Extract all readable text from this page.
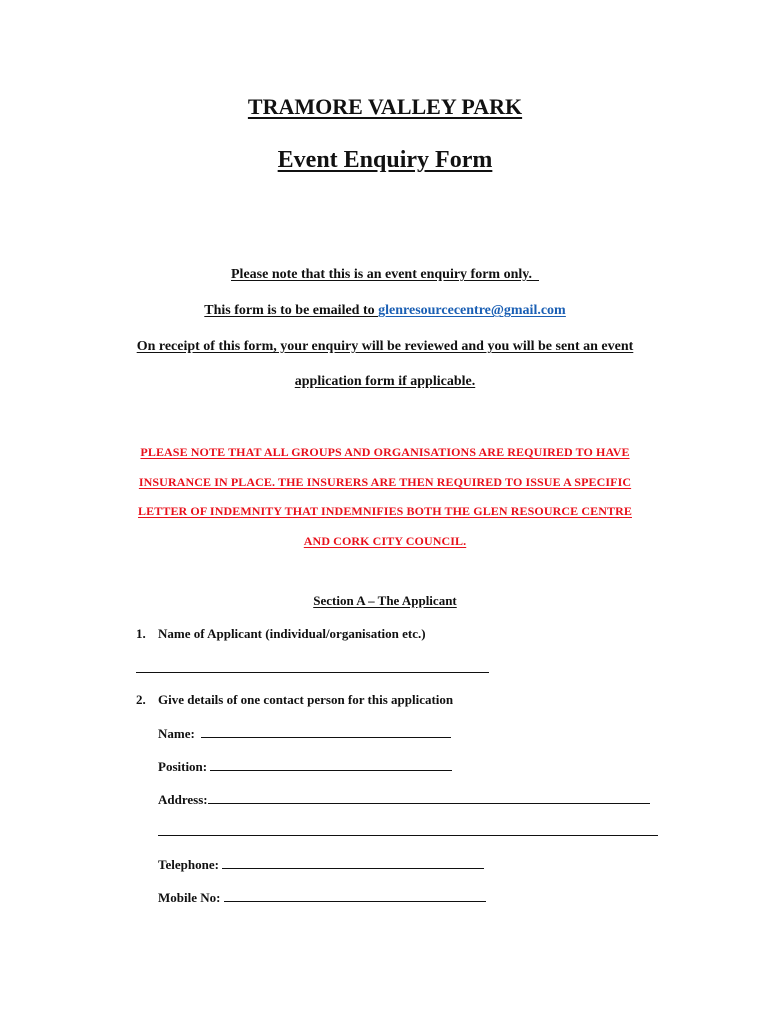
TRAMORE VALLEY PARK
Event Enquiry Form
Please note that this is an event enquiry form only.
This form is to be emailed to glenresourcecentre@gmail.com
On receipt of this form, your enquiry will be reviewed and you will be sent an event
application form if applicable.
PLEASE NOTE THAT ALL GROUPS AND ORGANISATIONS ARE REQUIRED TO HAVE
INSURANCE IN PLACE. THE INSURERS ARE THEN REQUIRED TO ISSUE A SPECIFIC
LETTER OF INDEMNITY THAT INDEMNIFIES BOTH THE GLEN RESOURCE CENTRE
AND CORK CITY COUNCIL.
Section A – The Applicant
1. Name of Applicant (individual/organisation etc.)
2. Give details of one contact person for this application
Name:
Position:
Address:
Telephone:
Mobile No:
